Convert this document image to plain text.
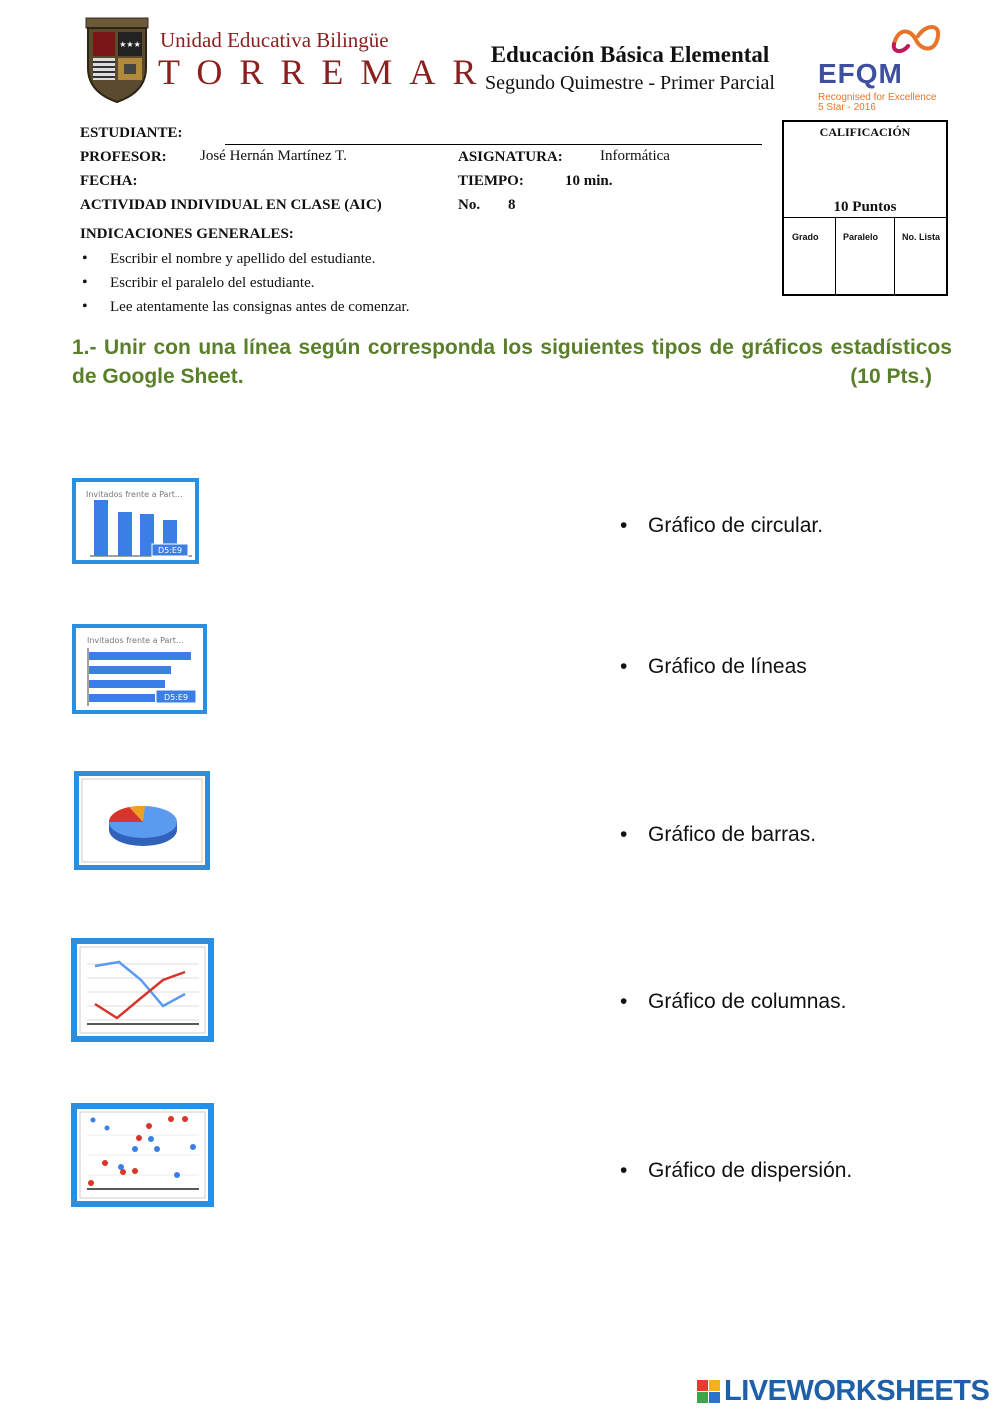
★★★ Unidad Educativa Bilingüe
TORREMAR
Educación Básica Elemental
Segundo Quimestre - Primer Parcial	EFQM
Recognised for Excellence
5 Star - 2016
ESTUDIANTE:
PROFESOR: José Hernán Martínez T.	ASIGNATURA: Informática
FECHA:	TIEMPO:	10 min.
ACTIVIDAD INDIVIDUAL EN CLASE (AIC)	No. 8
CALIFICACIÓN
10 Puntos
Grado	Paralelo	No. Lista
INDICACIONES GENERALES:
• Escribir el nombre y apellido del estudiante.
• Escribir el paralelo del estudiante.
• Lee atentamente las consignas antes de comenzar.
1.- Unir con una línea según corresponda los siguientes tipos de gráficos estadísticos de Google Sheet.	(10 Pts.)
Invitados frente a Part...
D5:E9
Invitados frente a Part...
D5:E9
• Gráfico de circular.
• Gráfico de líneas
• Gráfico de barras.
• Gráfico de columnas.
• Gráfico de dispersión.
LIVEWORKSHEETS
